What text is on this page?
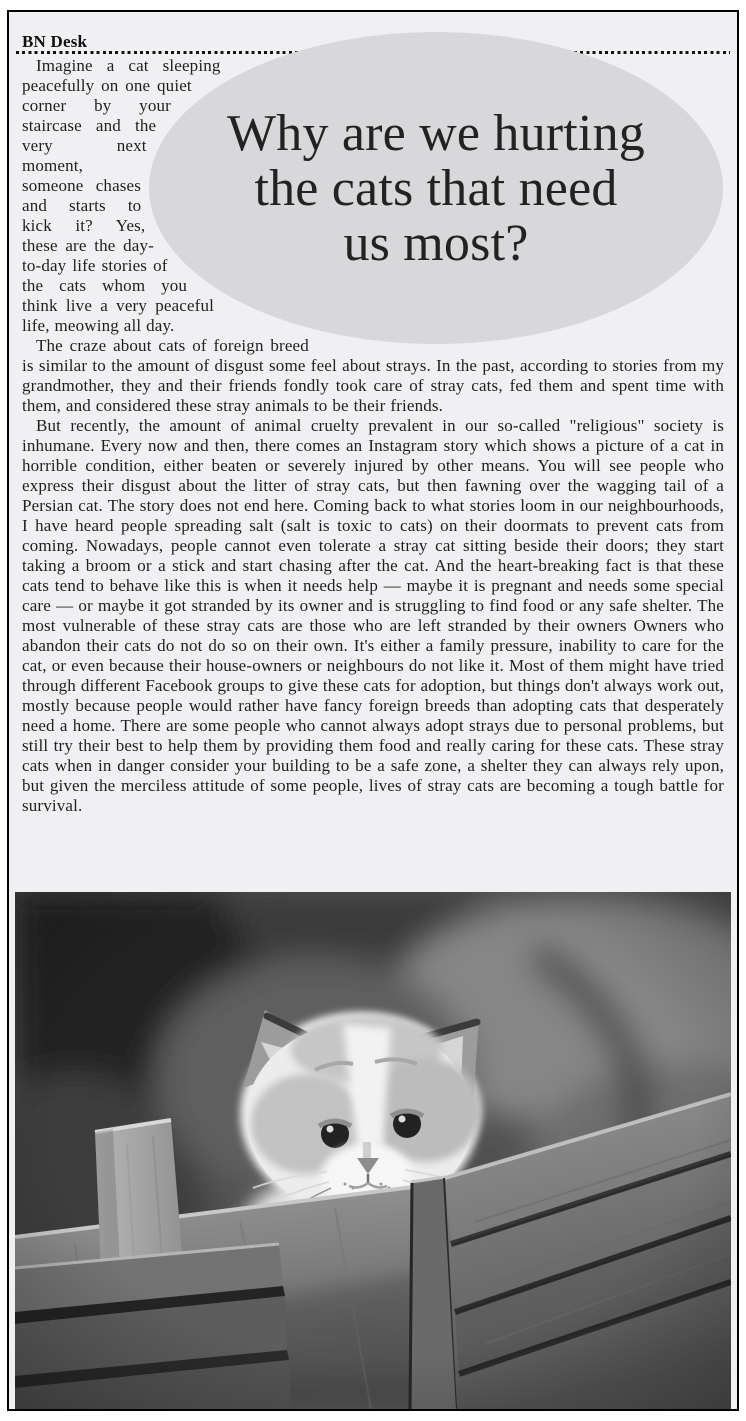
BN Desk
Why are we hurting
the cats that need
us most?

Imagine a cat sleeping peacefully on one quiet corner by your staircase and the very next moment, someone chases and starts to kick it? Yes, these are the day-to-day life stories of the cats whom you think live a very peaceful life, meowing all day.

The craze about cats of foreign breed is similar to the amount of disgust some feel about strays. In the past, according to stories from my grandmother, they and their friends fondly took care of stray cats, fed them and spent time with them, and considered these stray animals to be their friends.

But recently, the amount of animal cruelty prevalent in our so-called "religious" society is inhumane. Every now and then, there comes an Instagram story which shows a picture of a cat in horrible condition, either beaten or severely injured by other means. You will see people who express their disgust about the litter of stray cats, but then fawning over the wagging tail of a Persian cat. The story does not end here. Coming back to what stories loom in our neighbourhoods, I have heard people spreading salt (salt is toxic to cats) on their doormats to prevent cats from coming. Nowadays, people cannot even tolerate a stray cat sitting beside their doors; they start taking a broom or a stick and start chasing after the cat. And the heart-breaking fact is that these cats tend to behave like this is when it needs help — maybe it is pregnant and needs some special care — or maybe it got stranded by its owner and is struggling to find food or any safe shelter. The most vulnerable of these stray cats are those who are left stranded by their owners Owners who abandon their cats do not do so on their own. It's either a family pressure, inability to care for the cat, or even because their house-owners or neighbours do not like it. Most of them might have tried through different Facebook groups to give these cats for adoption, but things don't always work out, mostly because people would rather have fancy foreign breeds than adopting cats that desperately need a home. There are some people who cannot always adopt strays due to personal problems, but still try their best to help them by providing them food and really caring for these cats. These stray cats when in danger consider your building to be a safe zone, a shelter they can always rely upon, but given the merciless attitude of some people, lives of stray cats are becoming a tough battle for survival.
